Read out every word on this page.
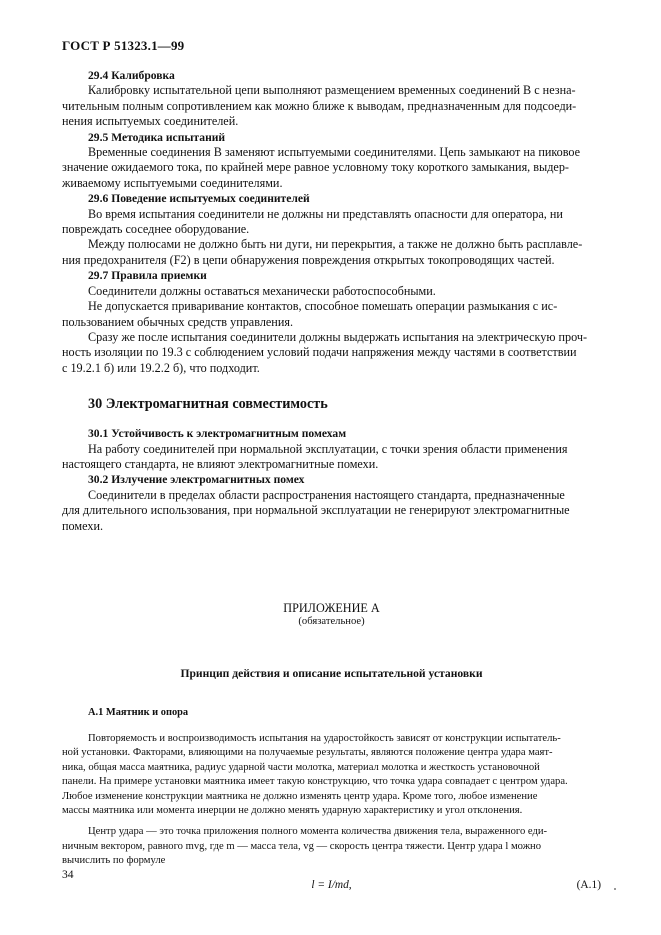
ГОСТ Р 51323.1—99
29.4 Калибровка

Калибровку испытательной цепи выполняют размещением временных соединений B с незна-
чительным полным сопротивлением как можно ближе к выводам, предназначенным для подсоеди-
нения испытуемых соединителей.

29.5 Методика испытаний

Временные соединения B заменяют испытуемыми соединителями. Цепь замыкают на пиковое
значение ожидаемого тока, по крайней мере равное условному току короткого замыкания, выдер-
живаемому испытуемыми соединителями.

29.6 Поведение испытуемых соединителей

Во время испытания соединители не должны ни представлять опасности для оператора, ни
повреждать соседнее оборудование.

Между полюсами не должно быть ни дуги, ни перекрытия, а также не должно быть расплавле-
ния предохранителя (F2) в цепи обнаружения повреждения открытых токопроводящих частей.

29.7 Правила приемки

Соединители должны оставаться механически работоспособными.

Не допускается приваривание контактов, способное помешать операции размыкания с ис-
пользованием обычных средств управления.

Сразу же после испытания соединители должны выдержать испытания на электрическую проч-
ность изоляции по 19.3 с соблюдением условий подачи напряжения между частями в соответствии
с 19.2.1 б) или 19.2.2 б), что подходит.

30 Электромагнитная совместимость
30.1 Устойчивость к электромагнитным помехам

На работу соединителей при нормальной эксплуатации, с точки зрения области применения
настоящего стандарта, не влияют электромагнитные помехи.

30.2 Излучение электромагнитных помех

Соединители в пределах области распространения настоящего стандарта, предназначенные
для длительного использования, при нормальной эксплуатации не генерируют электромагнитные
помехи.

ПРИЛОЖЕНИЕ А
(обязательное)
Принцип действия и описание испытательной установки
А.1 Маятник и опора

Повторяемость и воспроизводимость испытания на ударостойкость зависят от конструкции испытатель-
ной установки. Факторами, влияющими на получаемые результаты, являются положение центра удара маят-
ника, общая масса маятника, радиус ударной части молотка, материал молотка и жесткость установочной
панели. На примере установки маятника имеет такую конструкцию, что точка удара совпадает с центром удара.
Любое изменение конструкции маятника не должно изменять центр удара. Кроме того, любое изменение
массы маятника или момента инерции не должно менять ударную характеристику и угол отклонения.

Центр удара — это точка приложения полного момента количества движения тела, выраженного еди-
ничным вектором, равного mvg, где m — масса тела, vg — скорость центра тяжести. Центр удара l можно
вычислить по формуле

l = I/md,	(А.1)
34
